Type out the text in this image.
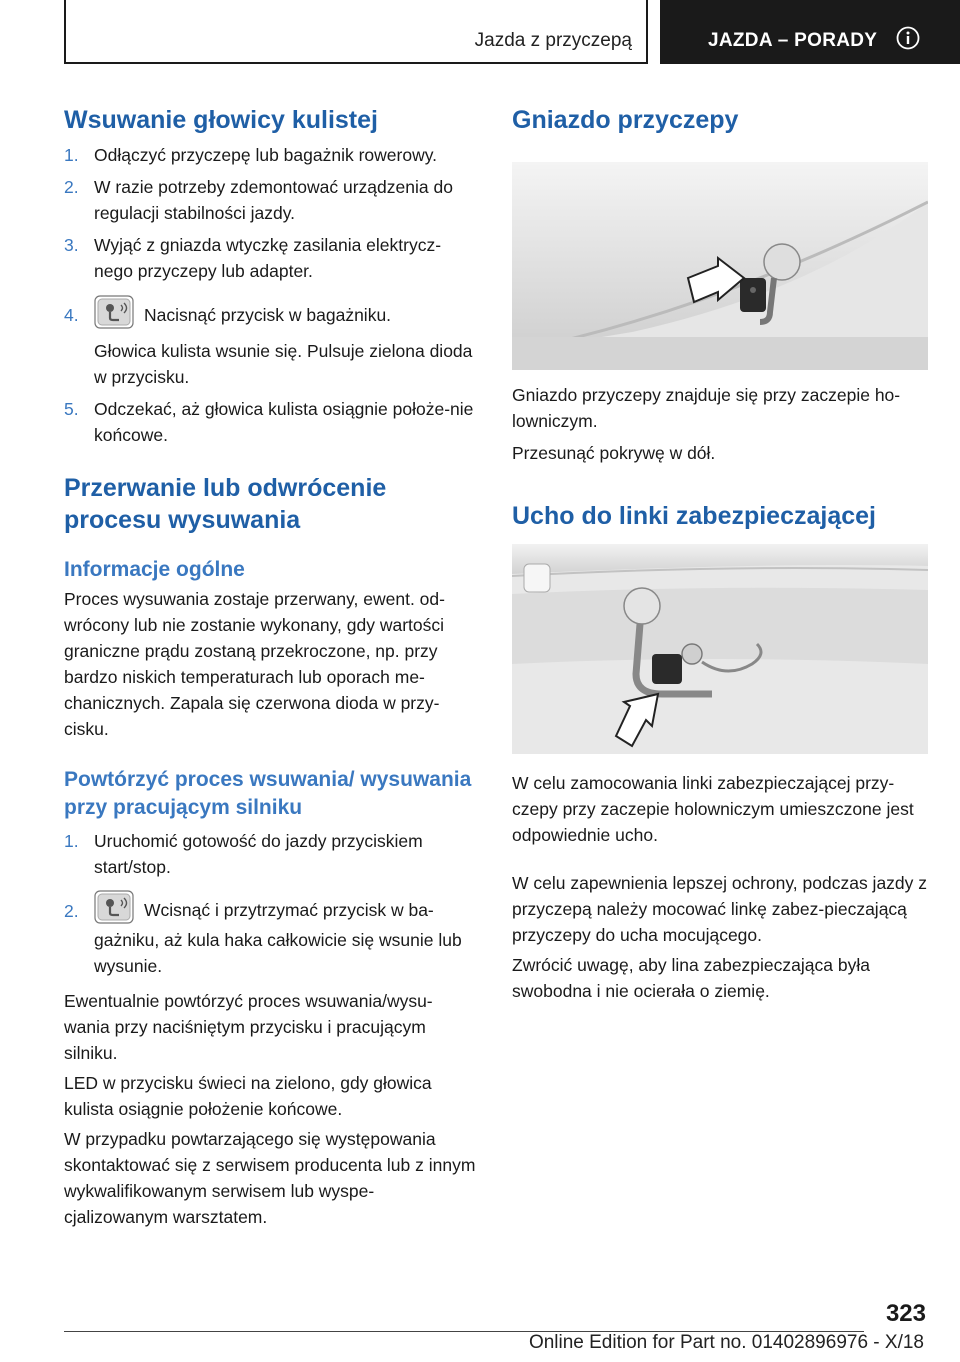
Jazda z przyczepą	JAZDA – PORADY
Wsuwanie głowicy kulistej
1. Odłączyć przyczepę lub bagażnik rowerowy.
2. W razie potrzeby zdemontować urządzenia do regulacji stabilności jazdy.
3. Wyjąć z gniazda wtyczkę zasilania elektrycz‐nego przyczepy lub adapter.
4.	Nacisnąć przycisk w bagażniku.
Głowica kulista wsunie się. Pulsuje zielona dioda w przycisku.
5. Odczekać, aż głowica kulista osiągnie położe‐nie końcowe.
Przerwanie lub odwrócenie procesu wysuwania
Informacje ogólne

Proces wysuwania zostaje przerwany, ewent. od‐wrócony lub nie zostanie wykonany, gdy wartości graniczne prądu zostaną przekroczone, np. przy bardzo niskich temperaturach lub oporach me‐chanicznych. Zapala się czerwona dioda w przy‐cisku.

Powtórzyć proces wsuwania/ wysuwania przy pracującym silniku
1. Uruchomić gotowość do jazdy przyciskiem start/stop.
2.	Wcisnąć i przytrzymać przycisk w ba‐gażniku, aż kula haka całkowicie się wsunie lub wysunie.

Ewentualnie powtórzyć proces wsuwania/wysu‐wania przy naciśniętym przycisku i pracującym silniku.

LED w przycisku świeci na zielono, gdy głowica kulista osiągnie położenie końcowe.

W przypadku powtarzającego się występowania skontaktować się z serwisem producenta lub z innym wykwalifikowanym serwisem lub wyspe‐cjalizowanym warsztatem.

Gniazdo przyczepy

Gniazdo przyczepy znajduje się przy zaczepie ho‐lowniczym.

Przesunąć pokrywę w dół.

Ucho do linki zabezpieczającej

W celu zamocowania linki zabezpieczającej przy‐czepy przy zaczepie holowniczym umieszczone jest odpowiednie ucho.

W celu zapewnienia lepszej ochrony, podczas jazdy z przyczepą należy mocować linkę zabez‐pieczającą przyczepy do ucha mocującego.

Zwrócić uwagę, aby lina zabezpieczająca była swobodna i nie ocierała o ziemię.

323
Online Edition for Part no. 01402896976 - X/18
